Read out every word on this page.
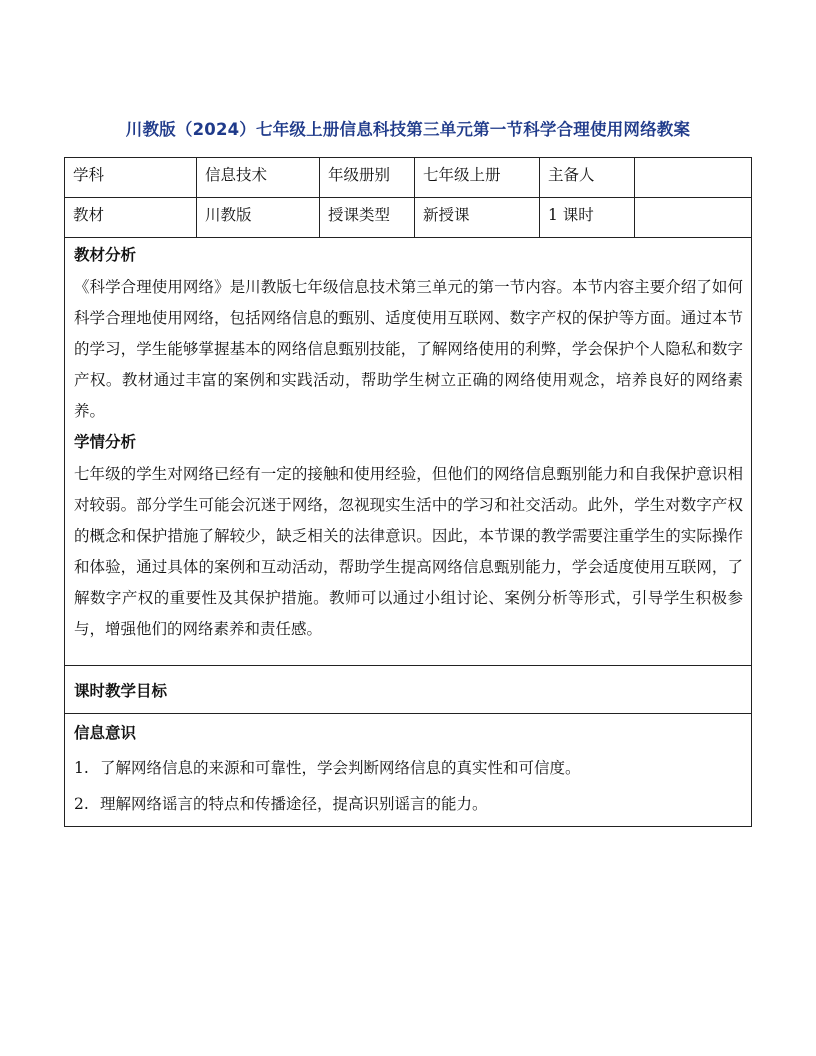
川教版（2024）七年级上册信息科技第三单元第一节科学合理使用网络教案
学科	信息技术	年级册别	七年级上册	主备人	
教材	川教版	授课类型	新授课	1 课时	

教材分析

《科学合理使用网络》是川教版七年级信息技术第三单元的第一节内容。本节内容主要介绍了如何科学合理地使用网络，包括网络信息的甄别、适度使用互联网、数字产权的保护等方面。通过本节的学习，学生能够掌握基本的网络信息甄别技能，了解网络使用的利弊，学会保护个人隐私和数字产权。教材通过丰富的案例和实践活动，帮助学生树立正确的网络使用观念，培养良好的网络素养。

学情分析

七年级的学生对网络已经有一定的接触和使用经验，但他们的网络信息甄别能力和自我保护意识相对较弱。部分学生可能会沉迷于网络，忽视现实生活中的学习和社交活动。此外，学生对数字产权的概念和保护措施了解较少，缺乏相关的法律意识。因此，本节课的教学需要注重学生的实际操作和体验，通过具体的案例和互动活动，帮助学生提高网络信息甄别能力，学会适度使用互联网，了解数字产权的重要性及其保护措施。教师可以通过小组讨论、案例分析等形式，引导学生积极参与，增强他们的网络素养和责任感。					

课时教学目标					

信息意识

1. 了解网络信息的来源和可靠性，学会判断网络信息的真实性和可信度。

2. 理解网络谣言的特点和传播途径，提高识别谣言的能力。					
